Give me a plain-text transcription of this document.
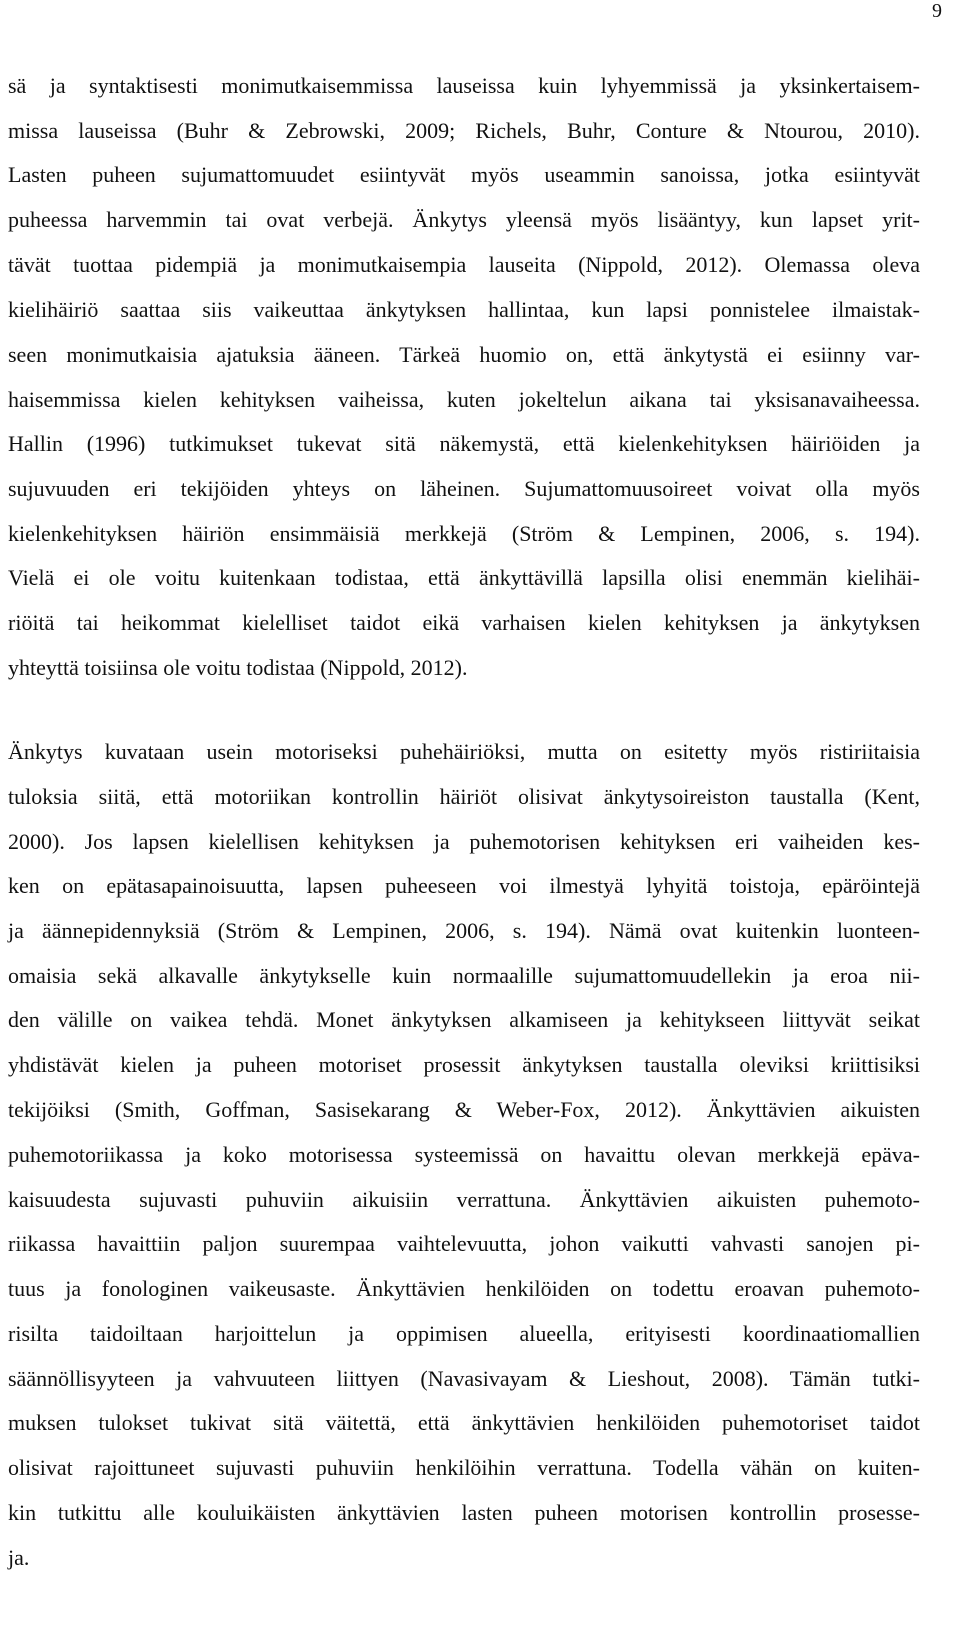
9
sä ja syntaktisesti monimutkaisemmissa lauseissa kuin lyhyemmissä ja yksinkertaisem-
missa lauseissa (Buhr & Zebrowski, 2009; Richels, Buhr, Conture & Ntourou, 2010).
Lasten puheen sujumattomuudet esiintyvät myös useammin sanoissa, jotka esiintyvät
puheessa harvemmin tai ovat verbejä. Änkytys yleensä myös lisääntyy, kun lapset yrit-
tävät tuottaa pidempiä ja monimutkaisempia lauseita (Nippold, 2012). Olemassa oleva
kielihäiriö saattaa siis vaikeuttaa änkytyksen hallintaa, kun lapsi ponnistelee ilmaistak-
seen monimutkaisia ajatuksia ääneen. Tärkeä huomio on, että änkytystä ei esiinny var-
haisemmissa kielen kehityksen vaiheissa, kuten jokeltelun aikana tai yksisanavaiheessa.
Hallin (1996) tutkimukset tukevat sitä näkemystä, että kielenkehityksen häiriöiden ja
sujuvuuden eri tekijöiden yhteys on läheinen. Sujumattomuusoireet voivat olla myös
kielenkehityksen häiriön ensimmäisiä merkkejä (Ström & Lempinen, 2006, s. 194).
Vielä ei ole voitu kuitenkaan todistaa, että änkyttävillä lapsilla olisi enemmän kielihäi-
riöitä tai heikommat kielelliset taidot eikä varhaisen kielen kehityksen ja änkytyksen
yhteyttä toisiinsa ole voitu todistaa (Nippold, 2012).
Änkytys kuvataan usein motoriseksi puhehäiriöksi, mutta on esitetty myös ristiriitaisia
tuloksia siitä, että motoriikan kontrollin häiriöt olisivat änkytysoireiston taustalla (Kent,
2000). Jos lapsen kielellisen kehityksen ja puhemotorisen kehityksen eri vaiheiden kes-
ken on epätasapainoisuutta, lapsen puheeseen voi ilmestyä lyhyitä toistoja, epäröintejä
ja äännepidennyksiä (Ström & Lempinen, 2006, s. 194). Nämä ovat kuitenkin luonteen-
omaisia sekä alkavalle änkytykselle kuin normaalille sujumattomuudellekin ja eroa nii-
den välille on vaikea tehdä. Monet änkytyksen alkamiseen ja kehitykseen liittyvät seikat
yhdistävät kielen ja puheen motoriset prosessit änkytyksen taustalla oleviksi kriittisiksi
tekijöiksi (Smith, Goffman, Sasisekarang & Weber-Fox, 2012). Änkyttävien aikuisten
puhemotoriikassa ja koko motorisessa systeemissä on havaittu olevan merkkejä epäva-
kaisuudesta sujuvasti puhuviin aikuisiin verrattuna. Änkyttävien aikuisten puhemoto-
riikassa havaittiin paljon suurempaa vaihtelevuutta, johon vaikutti vahvasti sanojen pi-
tuus ja fonologinen vaikeusaste. Änkyttävien henkilöiden on todettu eroavan puhemoto-
risilta taidoiltaan harjoittelun ja oppimisen alueella, erityisesti koordinaatiomallien
säännöllisyyteen ja vahvuuteen liittyen (Navasivayam & Lieshout, 2008). Tämän tutki-
muksen tulokset tukivat sitä väitettä, että änkyttävien henkilöiden puhemotoriset taidot
olisivat rajoittuneet sujuvasti puhuviin henkilöihin verrattuna. Todella vähän on kuiten-
kin tutkittu alle kouluikäisten änkyttävien lasten puheen motorisen kontrollin prosesse-
ja.
